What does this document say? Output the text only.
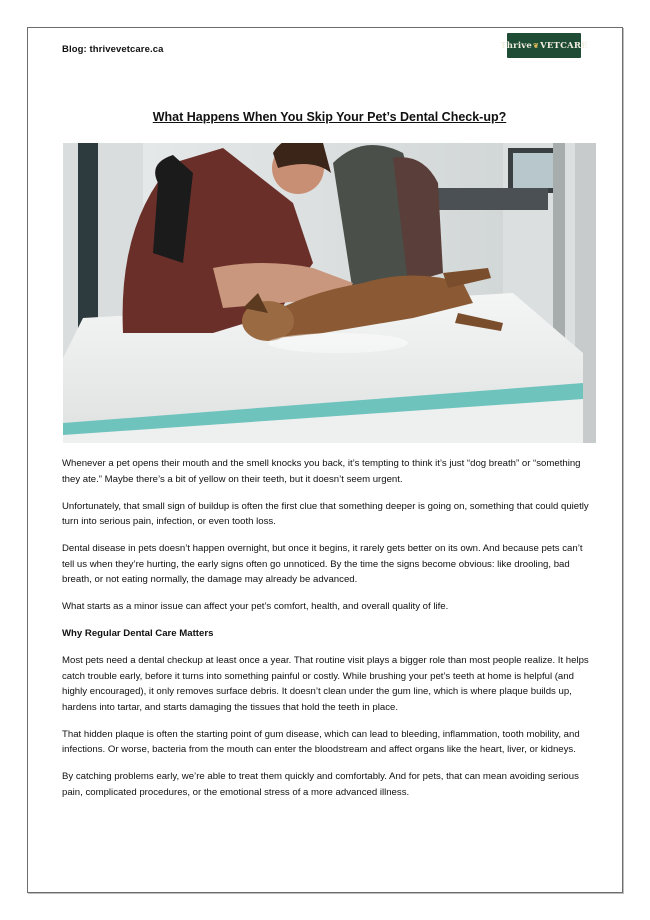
Blog: thrivevetcare.ca	Thrive ❦ VETCARE
What Happens When You Skip Your Pet’s Dental Check-up?

Whenever a pet opens their mouth and the smell knocks you back, it’s tempting to think it’s just “dog breath” or “something they ate.” Maybe there’s a bit of yellow on their teeth, but it doesn’t seem urgent.

Unfortunately, that small sign of buildup is often the first clue that something deeper is going on, something that could quietly turn into serious pain, infection, or even tooth loss.

Dental disease in pets doesn’t happen overnight, but once it begins, it rarely gets better on its own. And because pets can’t tell us when they’re hurting, the early signs often go unnoticed. By the time the signs become obvious: like drooling, bad breath, or not eating normally, the damage may already be advanced.

What starts as a minor issue can affect your pet’s comfort, health, and overall quality of life.

Why Regular Dental Care Matters

Most pets need a dental checkup at least once a year. That routine visit plays a bigger role than most people realize. It helps catch trouble early, before it turns into something painful or costly. While brushing your pet’s teeth at home is helpful (and highly encouraged), it only removes surface debris. It doesn’t clean under the gum line, which is where plaque builds up, hardens into tartar, and starts damaging the tissues that hold the teeth in place.

That hidden plaque is often the starting point of gum disease, which can lead to bleeding, inflammation, tooth mobility, and infections. Or worse, bacteria from the mouth can enter the bloodstream and affect organs like the heart, liver, or kidneys.

By catching problems early, we’re able to treat them quickly and comfortably. And for pets, that can mean avoiding serious pain, complicated procedures, or the emotional stress of a more advanced illness.
